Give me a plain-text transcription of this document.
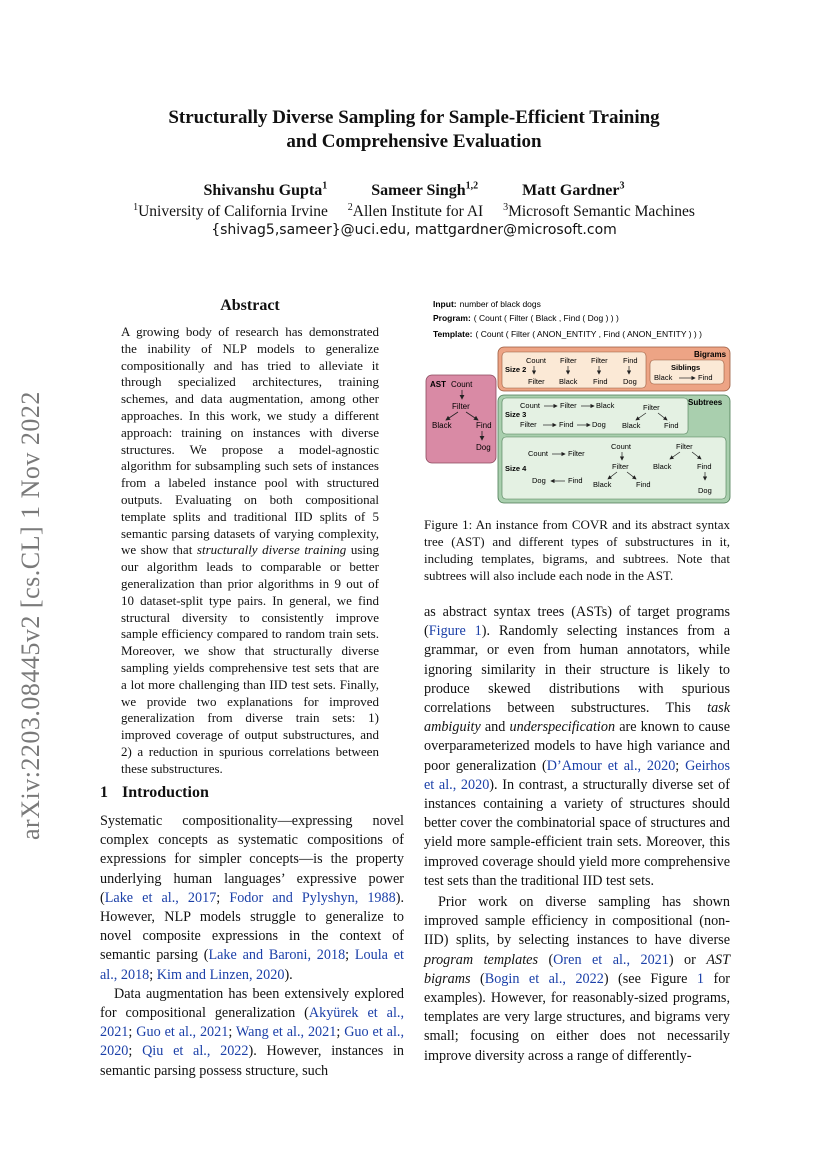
arXiv:2203.08445v2 [cs.CL] 1 Nov 2022
Structurally Diverse Sampling for Sample-Efficient Training
and Comprehensive Evaluation
Shivanshu Gupta$^1$	Sameer Singh$^{1,2}$	Matt Gardner$^3$
$^1$University of California Irvine $^2$Allen Institute for AI $^3$Microsoft Semantic Machines
{shivag5,sameer}@uci.edu, mattgardner@microsoft.com
Abstract
A growing body of research has demonstrated the inability of NLP models to generalize compositionally and has tried to alleviate it through specialized architectures, training schemes, and data augmentation, among other approaches. In this work, we study a different approach: training on instances with diverse structures. We propose a model-agnostic algorithm for subsampling such sets of instances from a labeled instance pool with structured outputs. Evaluating on both compositional template splits and traditional IID splits of 5 semantic parsing datasets of varying complexity, we show that structurally diverse training using our algorithm leads to comparable or better generalization than prior algorithms in 9 out of 10 dataset-split type pairs. In general, we find structural diversity to consistently improve sample efficiency compared to random train sets. Moreover, we show that structurally diverse sampling yields comprehensive test sets that are a lot more challenging than IID test sets. Finally, we provide two explanations for improved generalization from diverse train sets: 1) improved coverage of output substructures, and 2) a reduction in spurious correlations between these substructures.
1 Introduction

Systematic compositionality—expressing novel complex concepts as systematic compositions of expressions for simpler concepts—is the property underlying human languages’ expressive power (Lake et al., 2017; Fodor and Pylyshyn, 1988). However, NLP models struggle to generalize to novel composite expressions in the context of semantic parsing (Lake and Baroni, 2018; Loula et al., 2018; Kim and Linzen, 2020).

Data augmentation has been extensively explored for compositional generalization (Akyürek et al., 2021; Guo et al., 2021; Wang et al., 2021; Guo et al., 2020; Qiu et al., 2022). However, instances in semantic parsing possess structure, such

Input: number of black dogs
Program: ( Count ( Filter ( Black , Find ( Dog ) ) )
Template: ( Count ( Filter ( ANON_ENTITY , Find ( ANON_ENTITY ) ) )
AST Count
Filter
Black	Find
Dog
Bigrams
Size 2
Count
Filter
Filter
Black
Filter
Find
Find
Dog
Siblings
Black	Find
Subtrees
Size 3
Count	Filter	Black
Filter	Find Dog
Filter
Black	Find
Size 4
Count	Filter
Dog	Find
Count
Filter
Black	Find
Filter
Black	Find
Dog
Figure 1: An instance from COVR and its abstract syntax tree (AST) and different types of substructures in it, including templates, bigrams, and subtrees. Note that subtrees will also include each node in the AST.

as abstract syntax trees (ASTs) of target programs (Figure 1). Randomly selecting instances from a grammar, or even from human annotators, while ignoring similarity in their structure is likely to produce skewed distributions with spurious correlations between substructures. This task ambiguity and underspecification are known to cause overparameterized models to have high variance and poor generalization (D’Amour et al., 2020; Geirhos et al., 2020). In contrast, a structurally diverse set of instances containing a variety of structures should better cover the combinatorial space of structures and yield more sample-efficient train sets. Moreover, this improved coverage should yield more comprehensive test sets than the traditional IID test sets.

Prior work on diverse sampling has shown improved sample efficiency in compositional (non-IID) splits, by selecting instances to have diverse program templates (Oren et al., 2021) or AST bigrams (Bogin et al., 2022) (see Figure 1 for examples). However, for reasonably-sized programs, templates are very large structures, and bigrams very small; focusing on either does not necessarily improve diversity across a range of differently-
